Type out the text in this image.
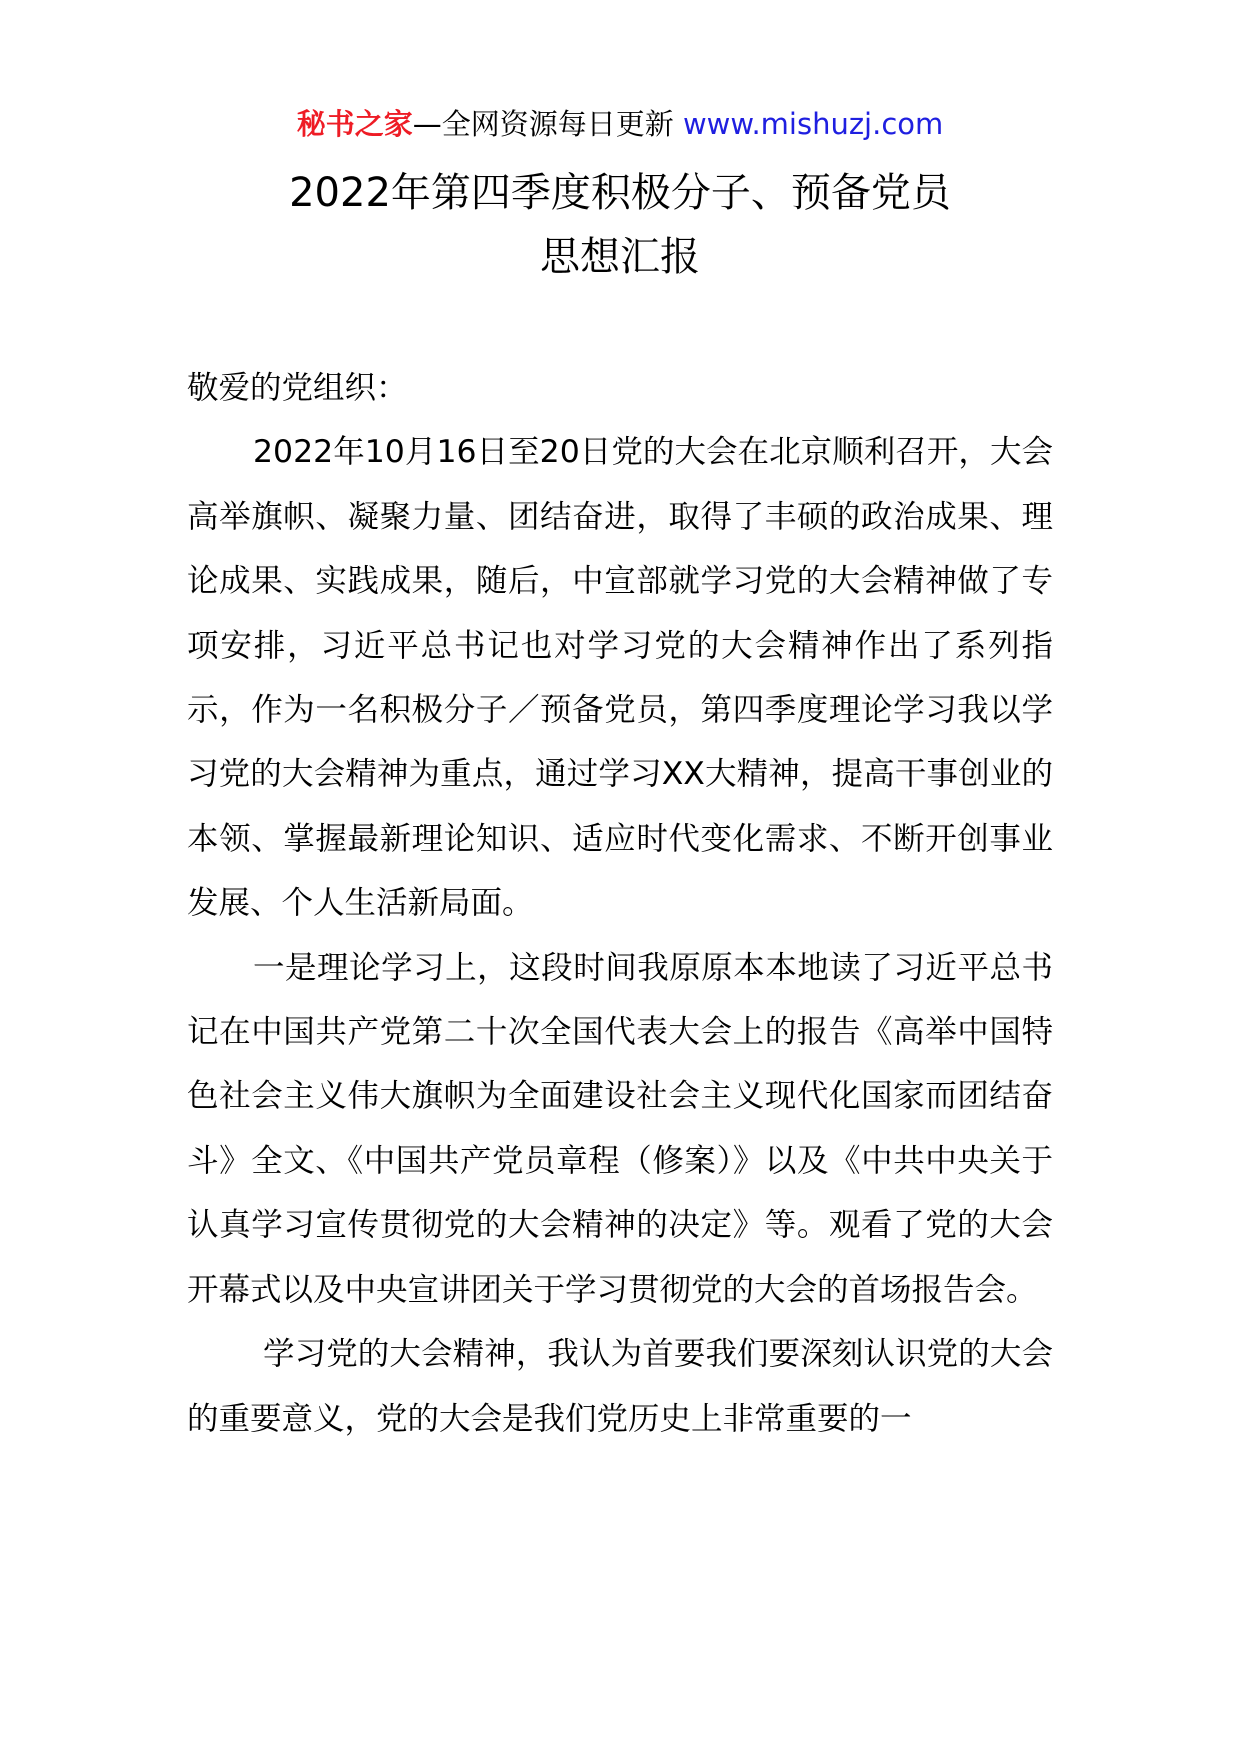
秘书之家—全网资源每日更新 www.mishuzj.com
2022年第四季度积极分子、预备党员
思想汇报

敬爱的党组织：

2022年10月16日至20日党的大会在北京顺利召开，大会高举旗帜、凝聚力量、团结奋进，取得了丰硕的政治成果、理论成果、实践成果，随后，中宣部就学习党的大会精神做了专项安排，习近平总书记也对学习党的大会精神作出了系列指示，作为一名积极分子／预备党员，第四季度理论学习我以学习党的大会精神为重点，通过学习XX大精神，提高干事创业的本领、掌握最新理论知识、适应时代变化需求、不断开创事业发展、个人生活新局面。

一是理论学习上，这段时间我原原本本地读了习近平总书记在中国共产党第二十次全国代表大会上的报告《高举中国特色社会主义伟大旗帜为全面建设社会主义现代化国家而团结奋斗》全文、《中国共产党员章程（修案）》以及《中共中央关于认真学习宣传贯彻党的大会精神的决定》等。观看了党的大会开幕式以及中央宣讲团关于学习贯彻党的大会的首场报告会。

学习党的大会精神，我认为首要我们要深刻认识党的大会的重要意义，党的大会是我们党历史上非常重要的一
